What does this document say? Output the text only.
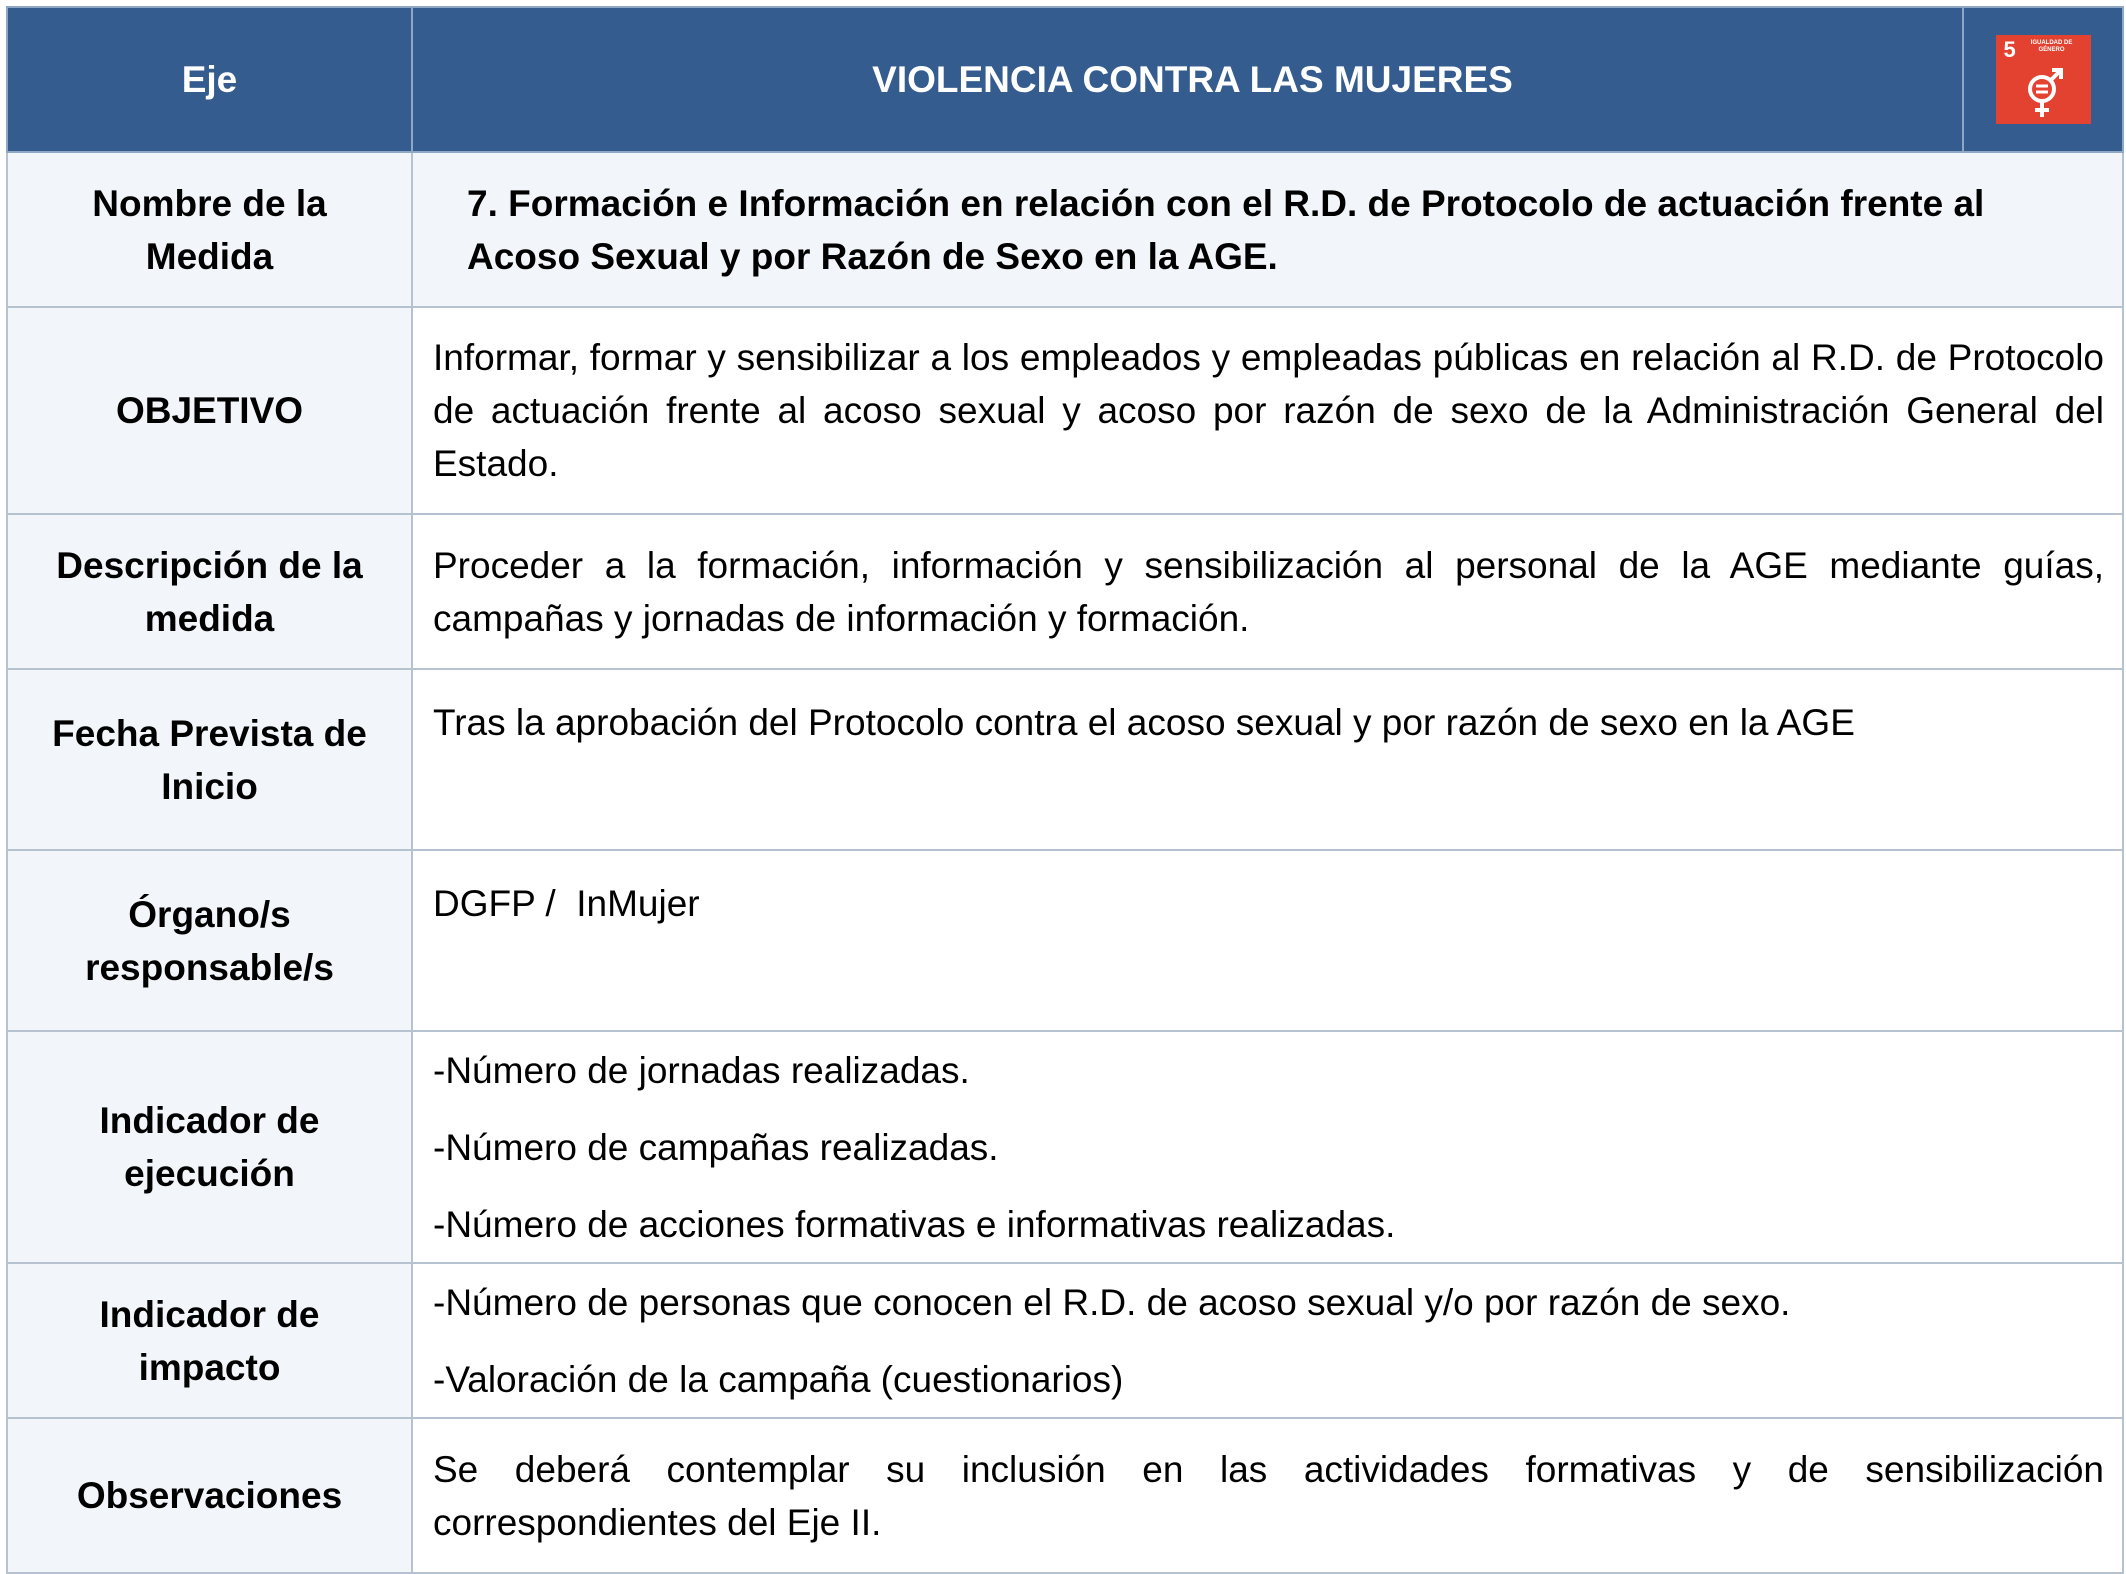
Eje	VIOLENCIA CONTRA LAS MUJERES
5 IGUALDAD DE GÉNERO

Nombre de la Medida	7. Formación e Información en relación con el R.D. de Protocolo de actuación frente al Acoso Sexual y por Razón de Sexo en la AGE.
OBJETIVO	Informar, formar y sensibilizar a los empleados y empleadas públicas en relación al R.D. de Protocolo de actuación frente al acoso sexual y acoso por razón de sexo de la Administración General del Estado.
Descripción de la medida	Proceder a la formación, información y sensibilización al personal de la AGE mediante guías, campañas y jornadas de información y formación.
Fecha Prevista de Inicio	Tras la aprobación del Protocolo contra el acoso sexual y por razón de sexo en la AGE
Órgano/s responsable/s	DGFP /  InMujer
Indicador de ejecución	-Número de jornadas realizadas.

-Número de campañas realizadas.

-Número de acciones formativas e informativas realizadas.

Indicador de impacto	-Número de personas que conocen el R.D. de acoso sexual y/o por razón de sexo.

-Valoración de la campaña (cuestionarios)

Observaciones	Se deberá contemplar su inclusión en las actividades formativas y de sensibilización correspondientes del Eje II.
